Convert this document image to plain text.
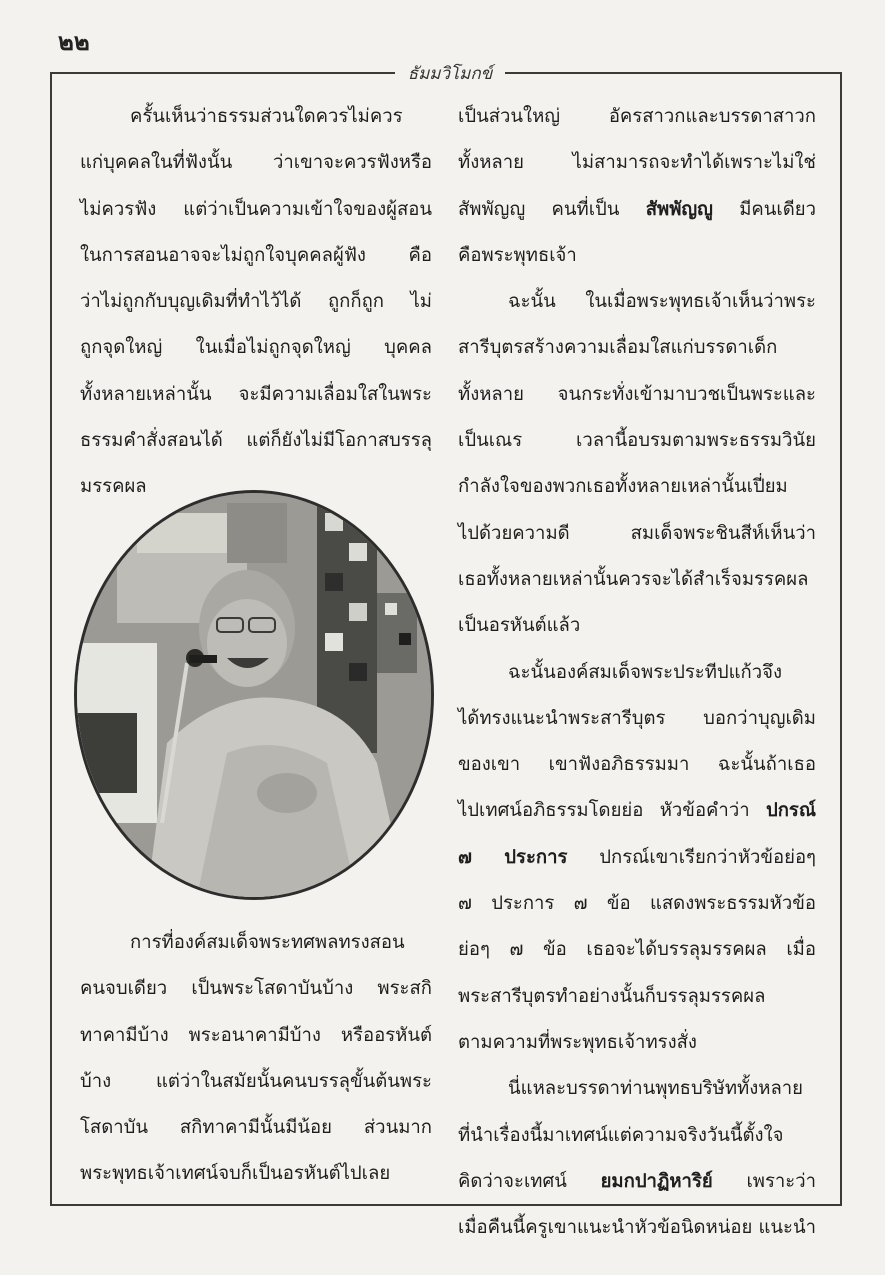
๒๒
ธัมมวิโมกข์

ครั้นเห็นว่าธรรมส่วนใดควรไม่ควร

แก่บุคคลในที่ฟังนั้น ว่าเขาจะควรฟังหรือ

ไม่ควรฟัง แต่ว่าเป็นความเข้าใจของผู้สอน

ในการสอนอาจจะไม่ถูกใจบุคคลผู้ฟัง คือ

ว่าไม่ถูกกับบุญเดิมที่ทำไว้ได้ ถูกก็ถูก ไม่

ถูกจุดใหญ่ ในเมื่อไม่ถูกจุดใหญ่ บุคคล

ทั้งหลายเหล่านั้น จะมีความเลื่อมใสในพระ

ธรรมคำสั่งสอนได้ แต่ก็ยังไม่มีโอกาสบรรลุ

มรรคผล

การที่องค์สมเด็จพระทศพลทรงสอน

คนจบเดียว เป็นพระโสดาบันบ้าง พระสกิ

ทาคามีบ้าง พระอนาคามีบ้าง หรืออรหันต์

บ้าง แต่ว่าในสมัยนั้นคนบรรลุขั้นต้นพระ

โสดาบัน สกิทาคามีนั้นมีน้อย ส่วนมาก

พระพุทธเจ้าเทศน์จบก็เป็นอรหันต์ไปเลย

เป็นส่วนใหญ่ อัครสาวกและบรรดาสาวก

ทั้งหลาย ไม่สามารถจะทำได้เพราะไม่ใช่

สัพพัญญู คนที่เป็น สัพพัญญู มีคนเดียว

คือพระพุทธเจ้า

ฉะนั้น ในเมื่อพระพุทธเจ้าเห็นว่าพระ

สารีบุตรสร้างความเลื่อมใสแก่บรรดาเด็ก

ทั้งหลาย จนกระทั่งเข้ามาบวชเป็นพระและ

เป็นเณร เวลานี้อบรมตามพระธรรมวินัย

กำลังใจของพวกเธอทั้งหลายเหล่านั้นเปี่ยม

ไปด้วยความดี สมเด็จพระชินสีห์เห็นว่า

เธอทั้งหลายเหล่านั้นควรจะได้สำเร็จมรรคผล

เป็นอรหันต์แล้ว

ฉะนั้นองค์สมเด็จพระประทีปแก้วจึง

ได้ทรงแนะนำพระสารีบุตร บอกว่าบุญเดิม

ของเขา เขาฟังอภิธรรมมา ฉะนั้นถ้าเธอ

ไปเทศน์อภิธรรมโดยย่อ หัวข้อคำว่า ปกรณ์

๗ ประการ ปกรณ์เขาเรียกว่าหัวข้อย่อๆ

๗ ประการ ๗ ข้อ แสดงพระธรรมหัวข้อ

ย่อๆ ๗ ข้อ เธอจะได้บรรลุมรรคผล เมื่อ

พระสารีบุตรทำอย่างนั้นก็บรรลุมรรคผล

ตามความที่พระพุทธเจ้าทรงสั่ง

นี่แหละบรรดาท่านพุทธบริษัททั้งหลาย

ที่นำเรื่องนี้มาเทศน์แต่ความจริงวันนี้ตั้งใจ

คิดว่าจะเทศน์ ยมกปาฏิหาริย์ เพราะว่า

เมื่อคืนนี้ครูเขาแนะนำหัวข้อนิดหน่อย แนะนำ
